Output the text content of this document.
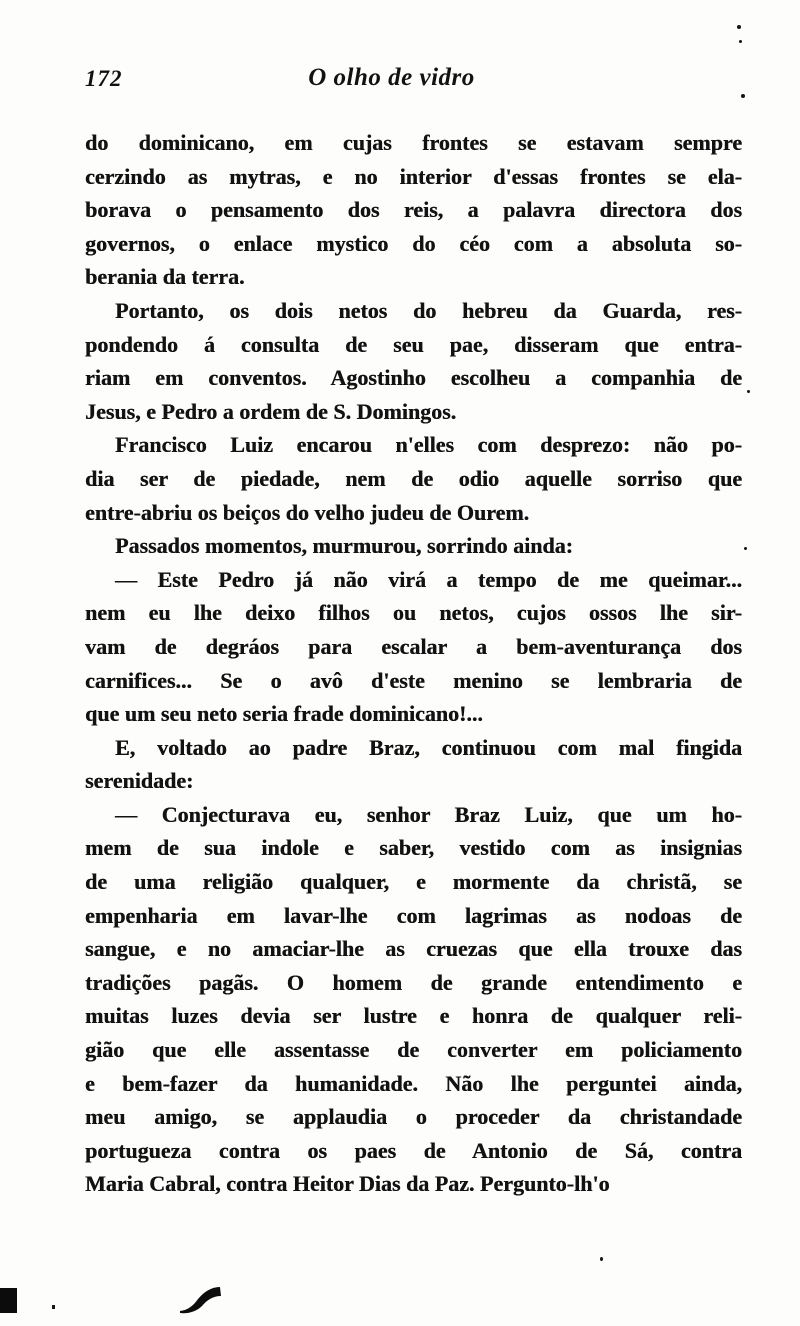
172	O olho de vidro
do dominicano, em cujas frontes se estavam sempre
cerzindo as mytras, e no interior d'essas frontes se ela-
borava o pensamento dos reis, a palavra directora dos
governos, o enlace mystico do céo com a absoluta so-
berania da terra.
Portanto, os dois netos do hebreu da Guarda, res-
pondendo á consulta de seu pae, disseram que entra-
riam em conventos. Agostinho escolheu a companhia de
Jesus, e Pedro a ordem de S. Domingos.
Francisco Luiz encarou n'elles com desprezo: não po-
dia ser de piedade, nem de odio aquelle sorriso que
entre-abriu os beiços do velho judeu de Ourem.
Passados momentos, murmurou, sorrindo ainda:
— Este Pedro já não virá a tempo de me queimar...
nem eu lhe deixo filhos ou netos, cujos ossos lhe sir-
vam de degráos para escalar a bem-aventurança dos
carnifices... Se o avô d'este menino se lembraria de
que um seu neto seria frade dominicano!...
E, voltado ao padre Braz, continuou com mal fingida
serenidade:
— Conjecturava eu, senhor Braz Luiz, que um ho-
mem de sua indole e saber, vestido com as insignias
de uma religião qualquer, e mormente da christã, se
empenharia em lavar-lhe com lagrimas as nodoas de
sangue, e no amaciar-lhe as cruezas que ella trouxe das
tradições pagãs. O homem de grande entendimento e
muitas luzes devia ser lustre e honra de qualquer reli-
gião que elle assentasse de converter em policiamento
e bem-fazer da humanidade. Não lhe perguntei ainda,
meu amigo, se applaudia o proceder da christandade
portugueza contra os paes de Antonio de Sá, contra
Maria Cabral, contra Heitor Dias da Paz. Pergunto-lh'o
